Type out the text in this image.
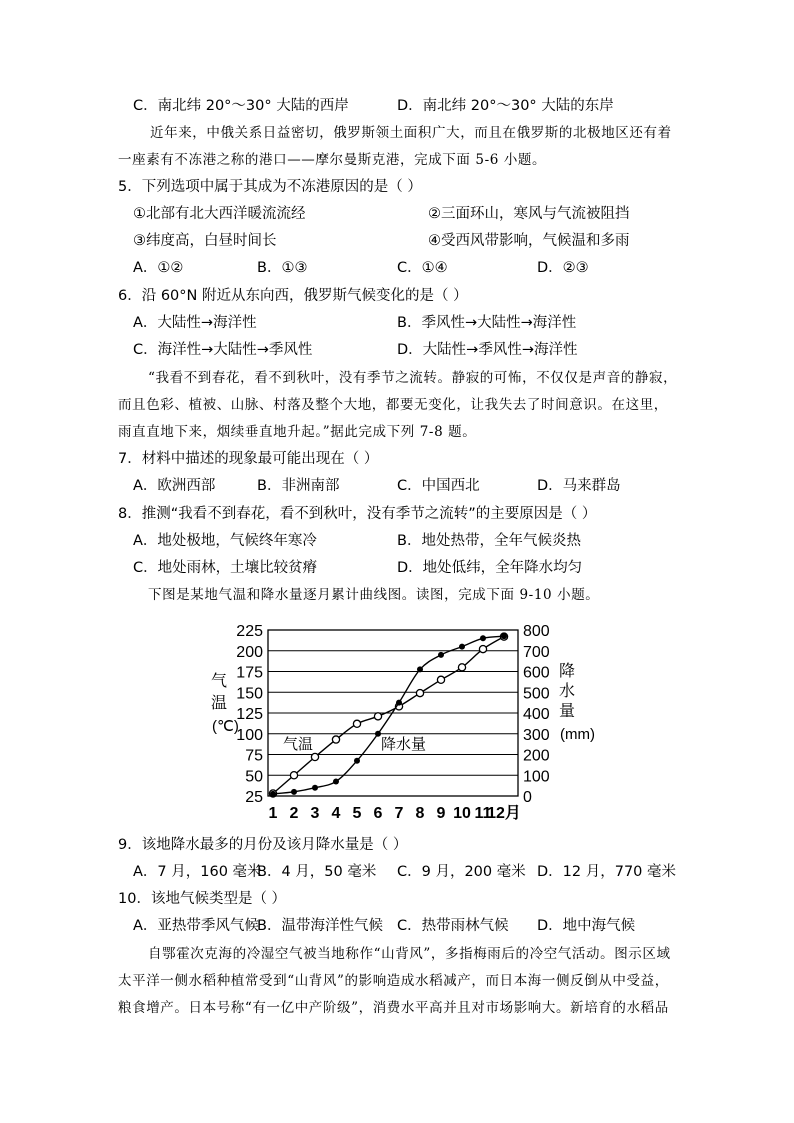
C．南北纬 20°～30° 大陆的西岸	D．南北纬 20°～30° 大陆的东岸
近年来，中俄关系日益密切，俄罗斯领土面积广大，而且在俄罗斯的北极地区还有着
一座素有不冻港之称的港口——摩尔曼斯克港，完成下面 5-6 小题。
5．下列选项中属于其成为不冻港原因的是（ ）
①北部有北大西洋暖流流经	②三面环山，寒风与气流被阻挡
③纬度高，白昼时间长	④受西风带影响，气候温和多雨
A．①②	B．①③	C．①④	D．②③
6．沿 60°N 附近从东向西，俄罗斯气候变化的是（ ）
A．大陆性→海洋性	B．季风性→大陆性→海洋性
C．海洋性→大陆性→季风性	D．大陆性→季风性→海洋性
“我看不到春花，看不到秋叶，没有季节之流转。静寂的可怖，不仅仅是声音的静寂，
而且色彩、植被、山脉、村落及整个大地，都要无变化，让我失去了时间意识。在这里，
雨直直地下来，烟续垂直地升起。”据此完成下列 7-8 题。
7．材料中描述的现象最可能出现在（ ）
A．欧洲西部	B．非洲南部	C．中国西北	D．马来群岛
8．推测“我看不到春花，看不到秋叶，没有季节之流转”的主要原因是（ ）
A．地处极地，气候终年寒冷	B．地处热带，全年气候炎热
C．地处雨林，土壤比较贫瘠	D．地处低纬，全年降水均匀
下图是某地气温和降水量逐月累计曲线图。读图，完成下面 9-10 小题。
25
50
75
100
125
150
175
200
225
0
100
200
300
400
500
600
700
800
1 2 3 4 5 6 7 8 9 10 11
12月
气
温
(℃)
降
水
量
(mm)
气温	降水量
9．该地降水最多的月份及该月降水量是（ ）
A．7 月，160 毫米
B．4 月，50 毫米 C．9 月，200 毫米 D．12 月，770 毫米
10．该地气候类型是（ ）
A．亚热带季风气候
B．温带海洋性气候 C．热带雨林气候 D．地中海气候
自鄂霍次克海的冷湿空气被当地称作“山背风”，多指梅雨后的冷空气活动。图示区域
太平洋一侧水稻种植常受到“山背风”的影响造成水稻减产，而日本海一侧反倒从中受益，
粮食增产。日本号称“有一亿中产阶级”，消费水平高并且对市场影响大。新培育的水稻品
